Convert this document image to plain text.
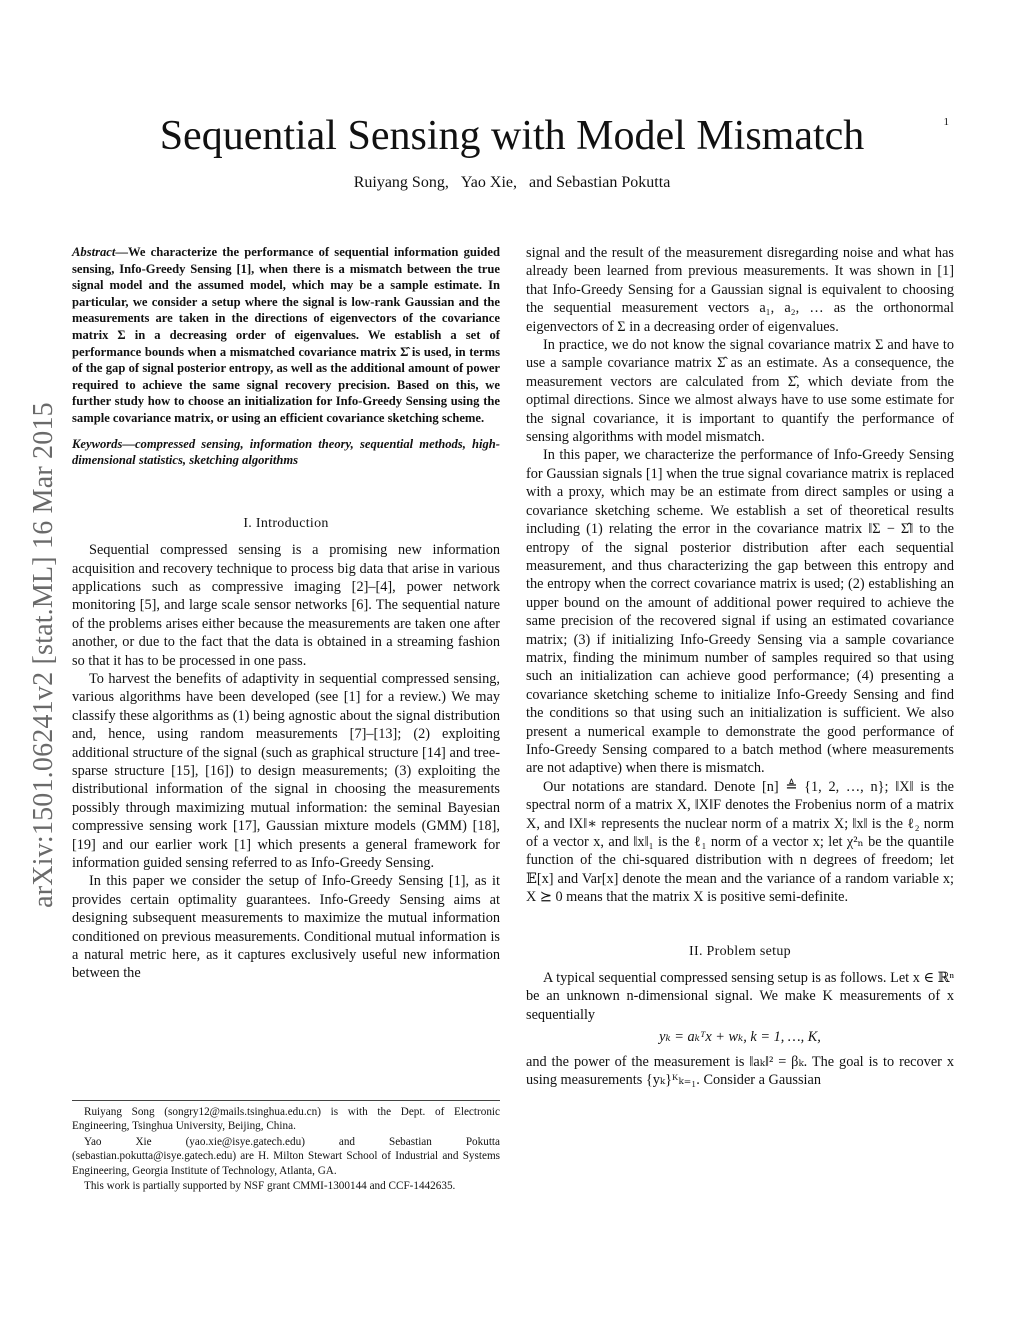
1
arXiv:1501.06241v2 [stat.ML] 16 Mar 2015
Sequential Sensing with Model Mismatch
Ruiyang Song, Yao Xie, and Sebastian Pokutta

Abstract—We characterize the performance of sequential information guided sensing, Info-Greedy Sensing [1], when there is a mismatch between the true signal model and the assumed model, which may be a sample estimate. In particular, we consider a setup where the signal is low-rank Gaussian and the measurements are taken in the directions of eigenvectors of the covariance matrix Σ in a decreasing order of eigenvalues. We establish a set of performance bounds when a mismatched covariance matrix Σ̂ is used, in terms of the gap of signal posterior entropy, as well as the additional amount of power required to achieve the same signal recovery precision. Based on this, we further study how to choose an initialization for Info-Greedy Sensing using the sample covariance matrix, or using an efficient covariance sketching scheme.

Keywords—compressed sensing, information theory, sequential methods, high-dimensional statistics, sketching algorithms

I. Introduction

Sequential compressed sensing is a promising new information acquisition and recovery technique to process big data that arise in various applications such as compressive imaging [2]–[4], power network monitoring [5], and large scale sensor networks [6]. The sequential nature of the problems arises either because the measurements are taken one after another, or due to the fact that the data is obtained in a streaming fashion so that it has to be processed in one pass.

To harvest the benefits of adaptivity in sequential compressed sensing, various algorithms have been developed (see [1] for a review.) We may classify these algorithms as (1) being agnostic about the signal distribution and, hence, using random measurements [7]–[13]; (2) exploiting additional structure of the signal (such as graphical structure [14] and tree-sparse structure [15], [16]) to design measurements; (3) exploiting the distributional information of the signal in choosing the measurements possibly through maximizing mutual information: the seminal Bayesian compressive sensing work [17], Gaussian mixture models (GMM) [18], [19] and our earlier work [1] which presents a general framework for information guided sensing referred to as Info-Greedy Sensing.

In this paper we consider the setup of Info-Greedy Sensing [1], as it provides certain optimality guarantees. Info-Greedy Sensing aims at designing subsequent measurements to maximize the mutual information conditioned on previous measurements. Conditional mutual information is a natural metric here, as it captures exclusively useful new information between the

Ruiyang Song (songry12@mails.tsinghua.edu.cn) is with the Dept. of Electronic Engineering, Tsinghua University, Beijing, China.

Yao Xie (yao.xie@isye.gatech.edu) and Sebastian Pokutta (sebastian.pokutta@isye.gatech.edu) are H. Milton Stewart School of Industrial and Systems Engineering, Georgia Institute of Technology, Atlanta, GA.

This work is partially supported by NSF grant CMMI-1300144 and CCF-1442635.

signal and the result of the measurement disregarding noise and what has already been learned from previous measurements. It was shown in [1] that Info-Greedy Sensing for a Gaussian signal is equivalent to choosing the sequential measurement vectors a₁, a₂, … as the orthonormal eigenvectors of Σ in a decreasing order of eigenvalues.

In practice, we do not know the signal covariance matrix Σ and have to use a sample covariance matrix Σ̂ as an estimate. As a consequence, the measurement vectors are calculated from Σ̂, which deviate from the optimal directions. Since we almost always have to use some estimate for the signal covariance, it is important to quantify the performance of sensing algorithms with model mismatch.

In this paper, we characterize the performance of Info-Greedy Sensing for Gaussian signals [1] when the true signal covariance matrix is replaced with a proxy, which may be an estimate from direct samples or using a covariance sketching scheme. We establish a set of theoretical results including (1) relating the error in the covariance matrix ‖Σ − Σ̂‖ to the entropy of the signal posterior distribution after each sequential measurement, and thus characterizing the gap between this entropy and the entropy when the correct covariance matrix is used; (2) establishing an upper bound on the amount of additional power required to achieve the same precision of the recovered signal if using an estimated covariance matrix; (3) if initializing Info-Greedy Sensing via a sample covariance matrix, finding the minimum number of samples required so that using such an initialization can achieve good performance; (4) presenting a covariance sketching scheme to initialize Info-Greedy Sensing and find the conditions so that using such an initialization is sufficient. We also present a numerical example to demonstrate the good performance of Info-Greedy Sensing compared to a batch method (where measurements are not adaptive) when there is mismatch.

Our notations are standard. Denote [n] ≜ {1, 2, …, n}; ‖X‖ is the spectral norm of a matrix X, ‖X‖F denotes the Frobenius norm of a matrix X, and ‖X‖∗ represents the nuclear norm of a matrix X; ‖x‖ is the ℓ₂ norm of a vector x, and ‖x‖₁ is the ℓ₁ norm of a vector x; let χ²ₙ be the quantile function of the chi-squared distribution with n degrees of freedom; let 𝔼[x] and Var[x] denote the mean and the variance of a random variable x; X ⪰ 0 means that the matrix X is positive semi-definite.

II. Problem setup

A typical sequential compressed sensing setup is as follows. Let x ∈ ℝⁿ be an unknown n-dimensional signal. We make K measurements of x sequentially

yₖ = aₖᵀx + wₖ, k = 1, …, K,

and the power of the measurement is ‖aₖ‖² = βₖ. The goal is to recover x using measurements {yₖ}ᴷₖ₌₁. Consider a Gaussian
